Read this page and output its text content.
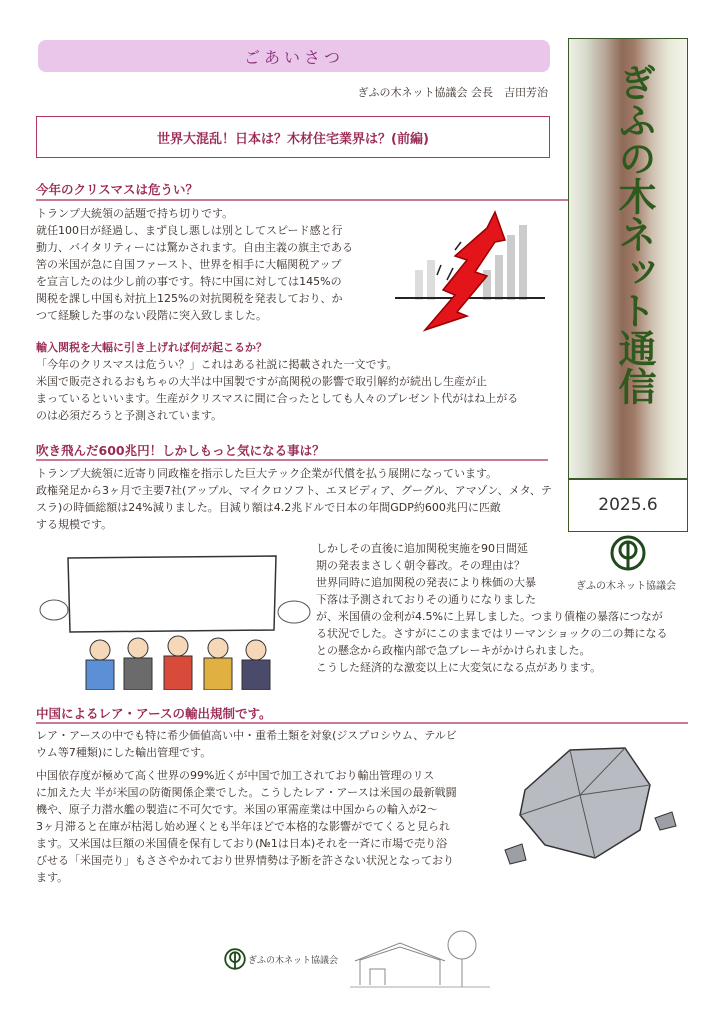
ごあいさつ
ぎふの木ネット協議会 会長　吉田芳治
世界大混乱！日本は？木材住宅業界は？(前編)
今年のクリスマスは危うい？
トランプ大統領の話題で持ち切りです。
就任100日が経過し、まず良し悪しは別としてスピード感と行
動力、バイタリティーには驚かされます。自由主義の旗主である
筈の米国が急に自国ファースト、世界を相手に大幅関税アップ
を宣言したのは少し前の事です。特に中国に対しては145%の
関税を課し中国も対抗上125%の対抗関税を発表しており、か
つて経験した事のない段階に突入致しました。
輸入関税を大幅に引き上げれば何が起こるか？
「今年のクリスマスは危うい？」これはある社説に掲載された一文です。
米国で販売されるおもちゃの大半は中国製ですが高関税の影響で取引解約が続出し生産が止
まっているといいます。生産がクリスマスに間に合ったとしても人々のプレゼント代がはね上がる
のは必須だろうと予測されています。
吹き飛んだ600兆円！しかしもっと気になる事は？
トランプ大統領に近寄り同政権を指示した巨大テック企業が代償を払う展開になっています。
政権発足から3ヶ月で主要7社(アップル、マイクロソフト、エヌビディア、グーグル、アマゾン、メタ、テ
スラ)の時価総額は24%減りました。目減り額は4.2兆ドルで日本の年間GDP約600兆円に匹敵
する規模です。
ぎふの木ネット通信
2025.6
ぎふの木ネット協議会
しかしその直後に追加関税実施を90日間延
期の発表まさしく朝令暮改。その理由は？
世界同時に追加関税の発表により株価の大暴
下落は予測されておりその通りになりました
が、米国債の金利が4.5%に上昇しました。つまり債権の暴落につなが
る状況でした。さすがにこのままではリーマンショックの二の舞になる
との懸念から政権内部で急ブレーキがかけられました。
こうした経済的な激変以上に大変気になる点があります。
中国によるレア・アースの輸出規制です。
レア・アースの中でも特に希少価値高い中・重希土類を対象(ジスプロシウム、テルビ
ウム等7種類)にした輸出管理です。
中国依存度が極めて高く世界の99%近くが中国で加工されており輸出管理のリス
に加えた大 半が米国の防衛関係企業でした。こうしたレア・アースは米国の最新戦闘
機や、原子力潜水艦の製造に不可欠です。米国の軍需産業は中国からの輸入が2～
3ヶ月滞ると在庫が枯渇し始め遅くとも半年ほどで本格的な影響がでてくると見られ
ます。又米国は巨額の米国債を保有しており(№1は日本)それを一斉に市場で売り浴
びせる「米国売り」もささやかれており世界情勢は予断を許さない状況となっており
ます。
ぎふの木ネット協議会
